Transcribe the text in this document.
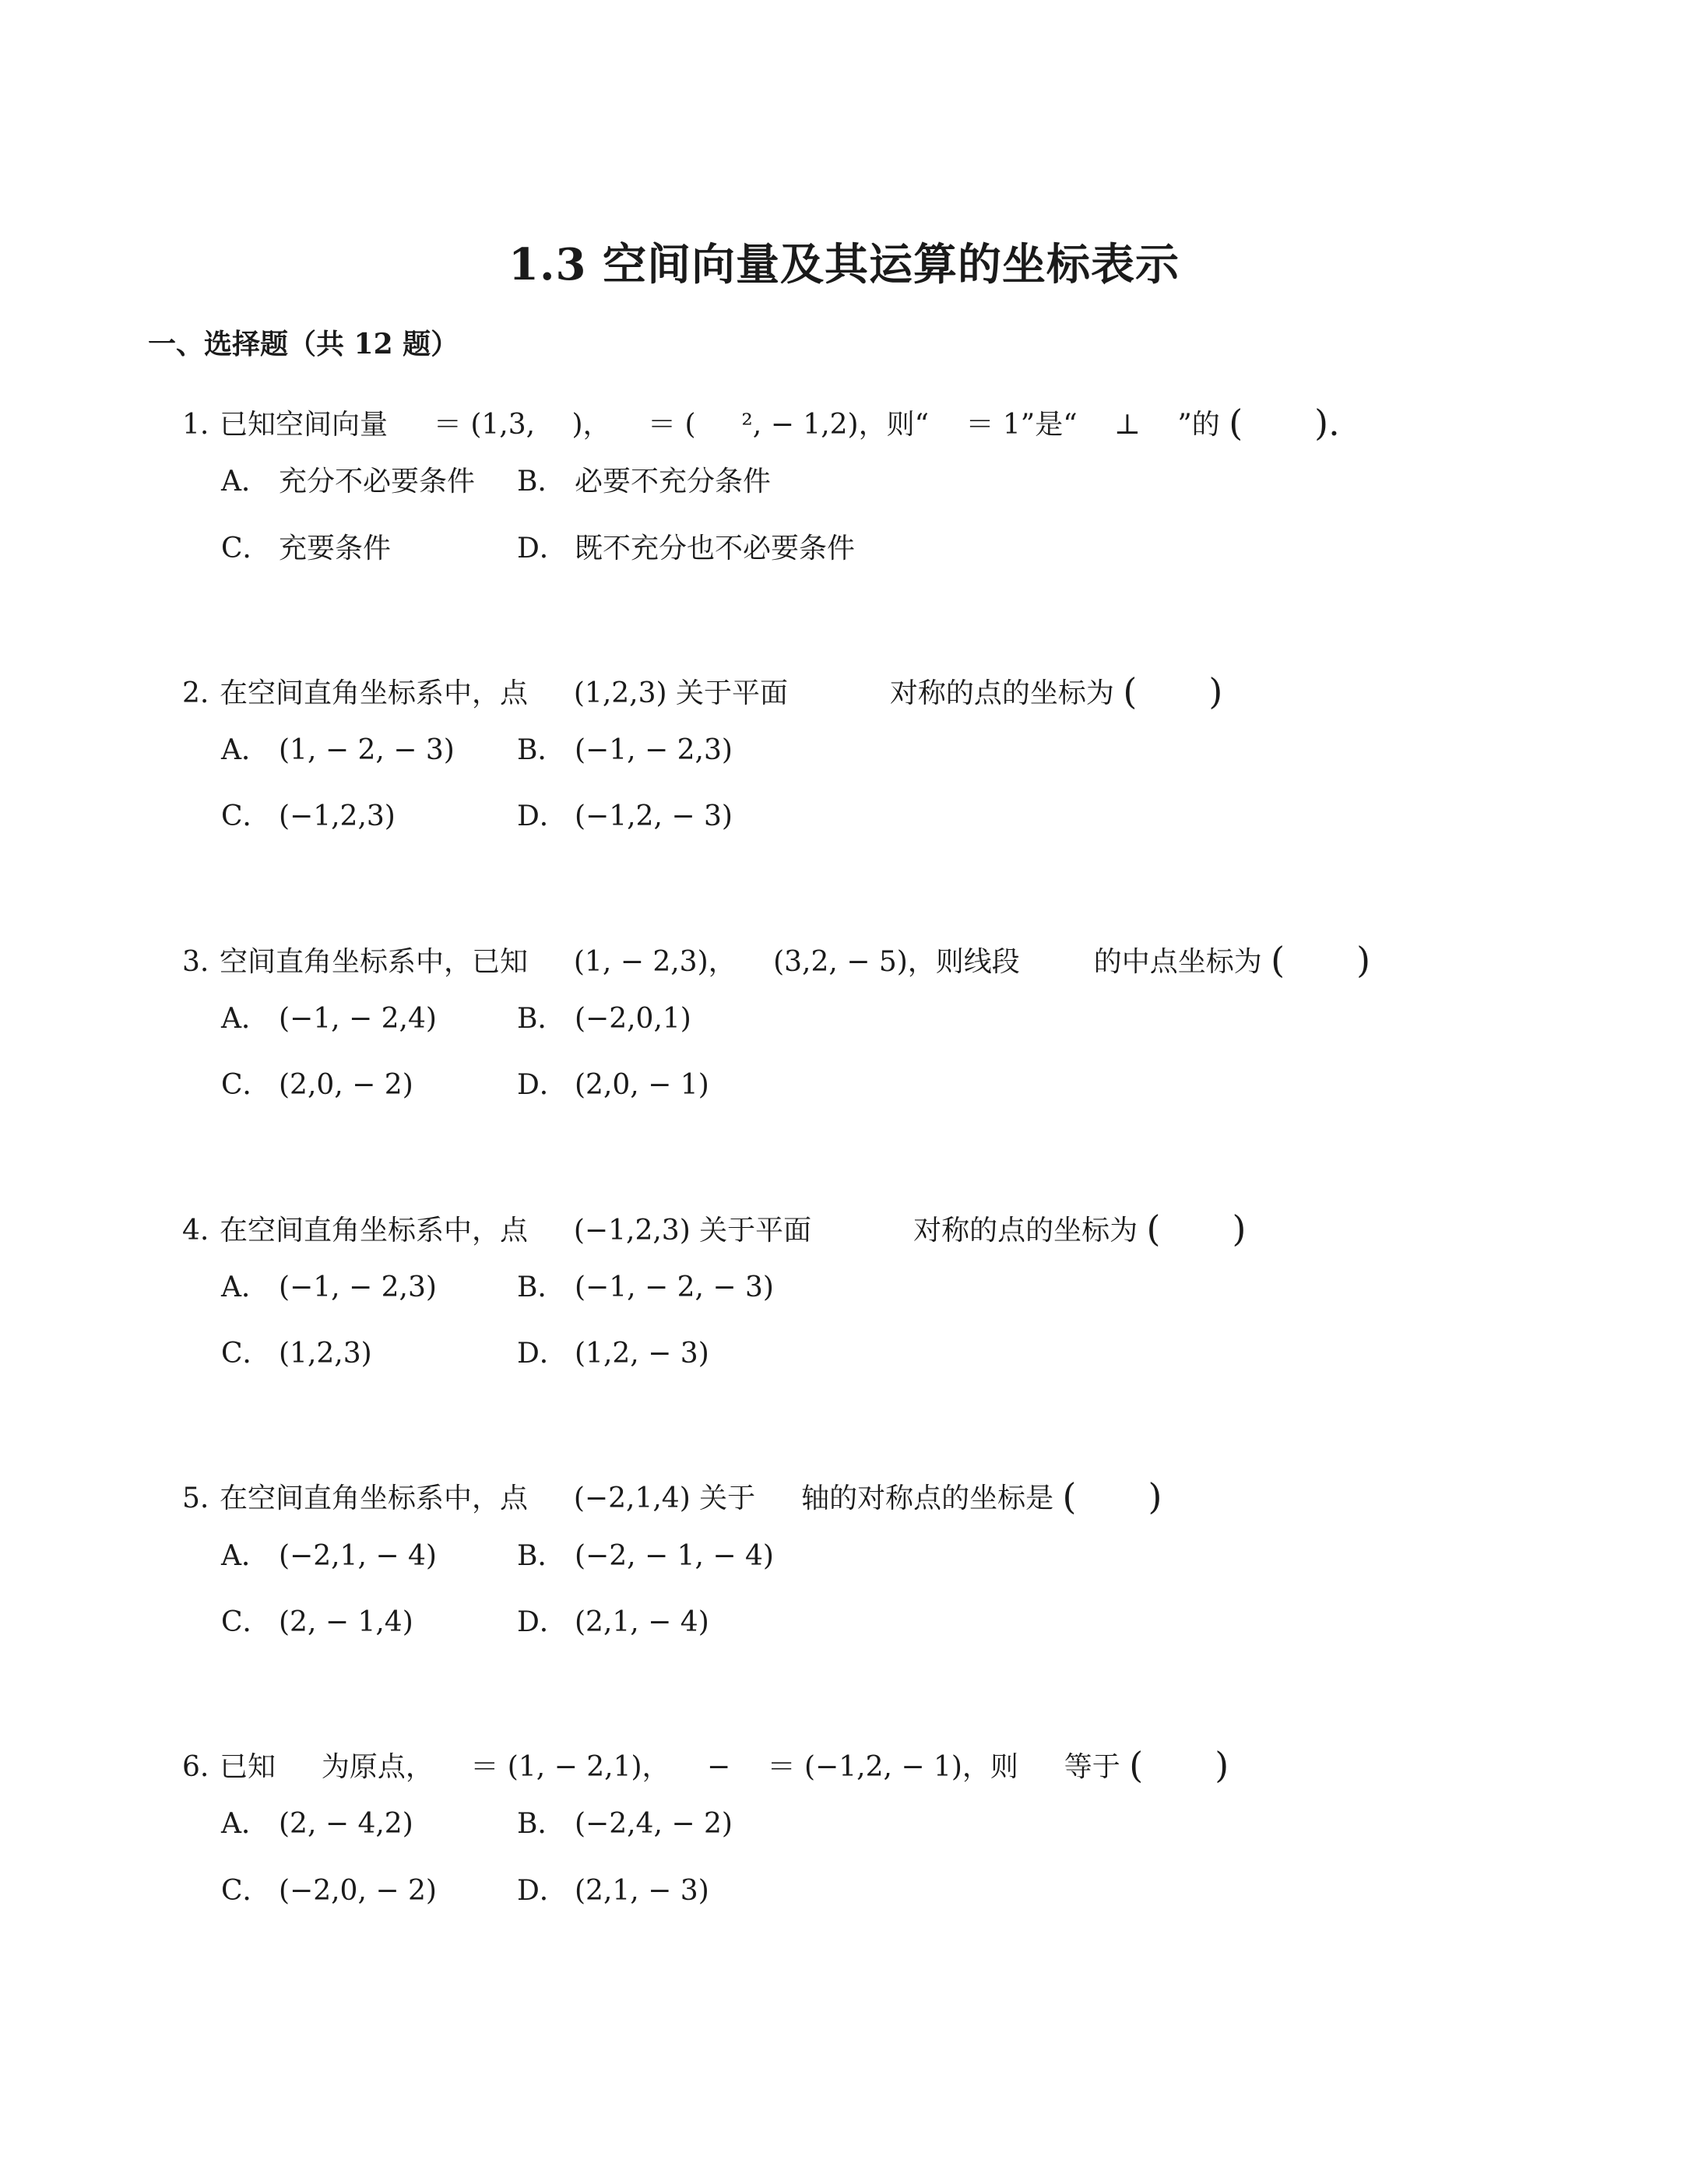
1.3 空间向量及其运算的坐标表示
一、选择题（共 12 题）
1. 已知空间向量 　 ＝ (1,3, 　)， 　＝ ( 　 ², − 1,2)，则“ 　＝ 1”是“ 　⊥ 　”的 (　　).
A． 充分不必要条件 B． 必要不充分条件
C． 充要条件	D． 既不充分也不必要条件
2. 在空间直角坐标系中，点 　 (1,2,3) 关于平面 　　　 对称的点的坐标为 (　　)
A． (1, − 2, − 3) B． (−1, − 2,3)
C． (−1,2,3)	D． (−1,2, − 3)
3. 空间直角坐标系中，已知 　 (1, − 2,3)， 　(3,2, − 5)，则线段 　　 的中点坐标为 (　　)
A． (−1, − 2,4)	B． (−2,0,1)
C． (2,0, − 2)	D． (2,0, − 1)
4. 在空间直角坐标系中，点 　 (−1,2,3) 关于平面 　　　 对称的点的坐标为 (　　)
A． (−1, − 2,3)	B． (−1, − 2, − 3)
C． (1,2,3)	D． (1,2, − 3)
5. 在空间直角坐标系中，点 　 (−2,1,4) 关于 　 轴的对称点的坐标是 (　　)
A． (−2,1, − 4)	B． (−2, − 1, − 4)
C． (2, − 1,4)	D． (2,1, − 4)
6. 已知 　 为原点， 　＝ (1, − 2,1)， 　− 　＝ (−1,2, − 1)，则 　 等于 (　　)
A． (2, − 4,2)	B． (−2,4, − 2)
C． (−2,0, − 2)	D． (2,1, − 3)
